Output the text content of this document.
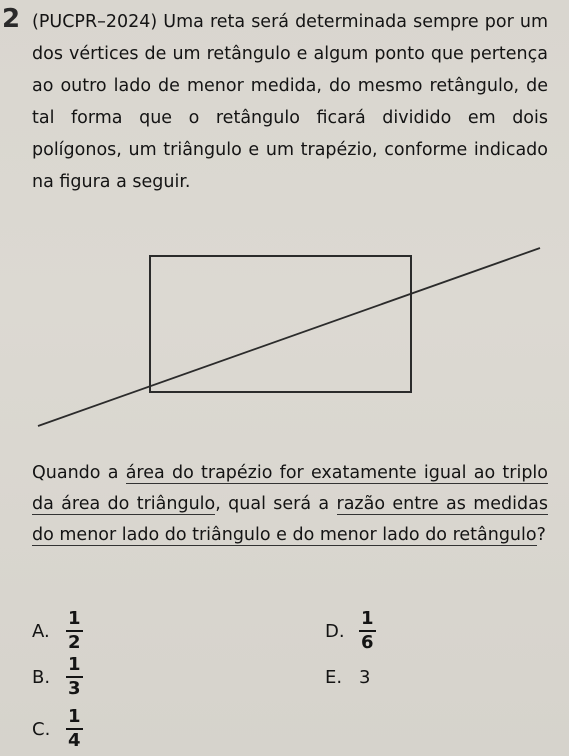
2 (PUCPR–2024) Uma reta será determinada sempre por um dos vértices de um retângulo e algum ponto que pertença ao outro lado de menor medida, do mesmo retângulo, de tal forma que o retângulo ficará dividido em dois polígonos, um triângulo e um trapézio, conforme indicado na figura a seguir.

Quando a área do trapézio for exatamente igual ao triplo da área do triângulo, qual será a razão entre as medidas do menor lado do triângulo e do menor lado do retângulo?

A. $\frac{1}{2}$
B. $\frac{1}{3}$
C. $\frac{1}{4}$
D. $\frac{1}{6}$
E. 3
